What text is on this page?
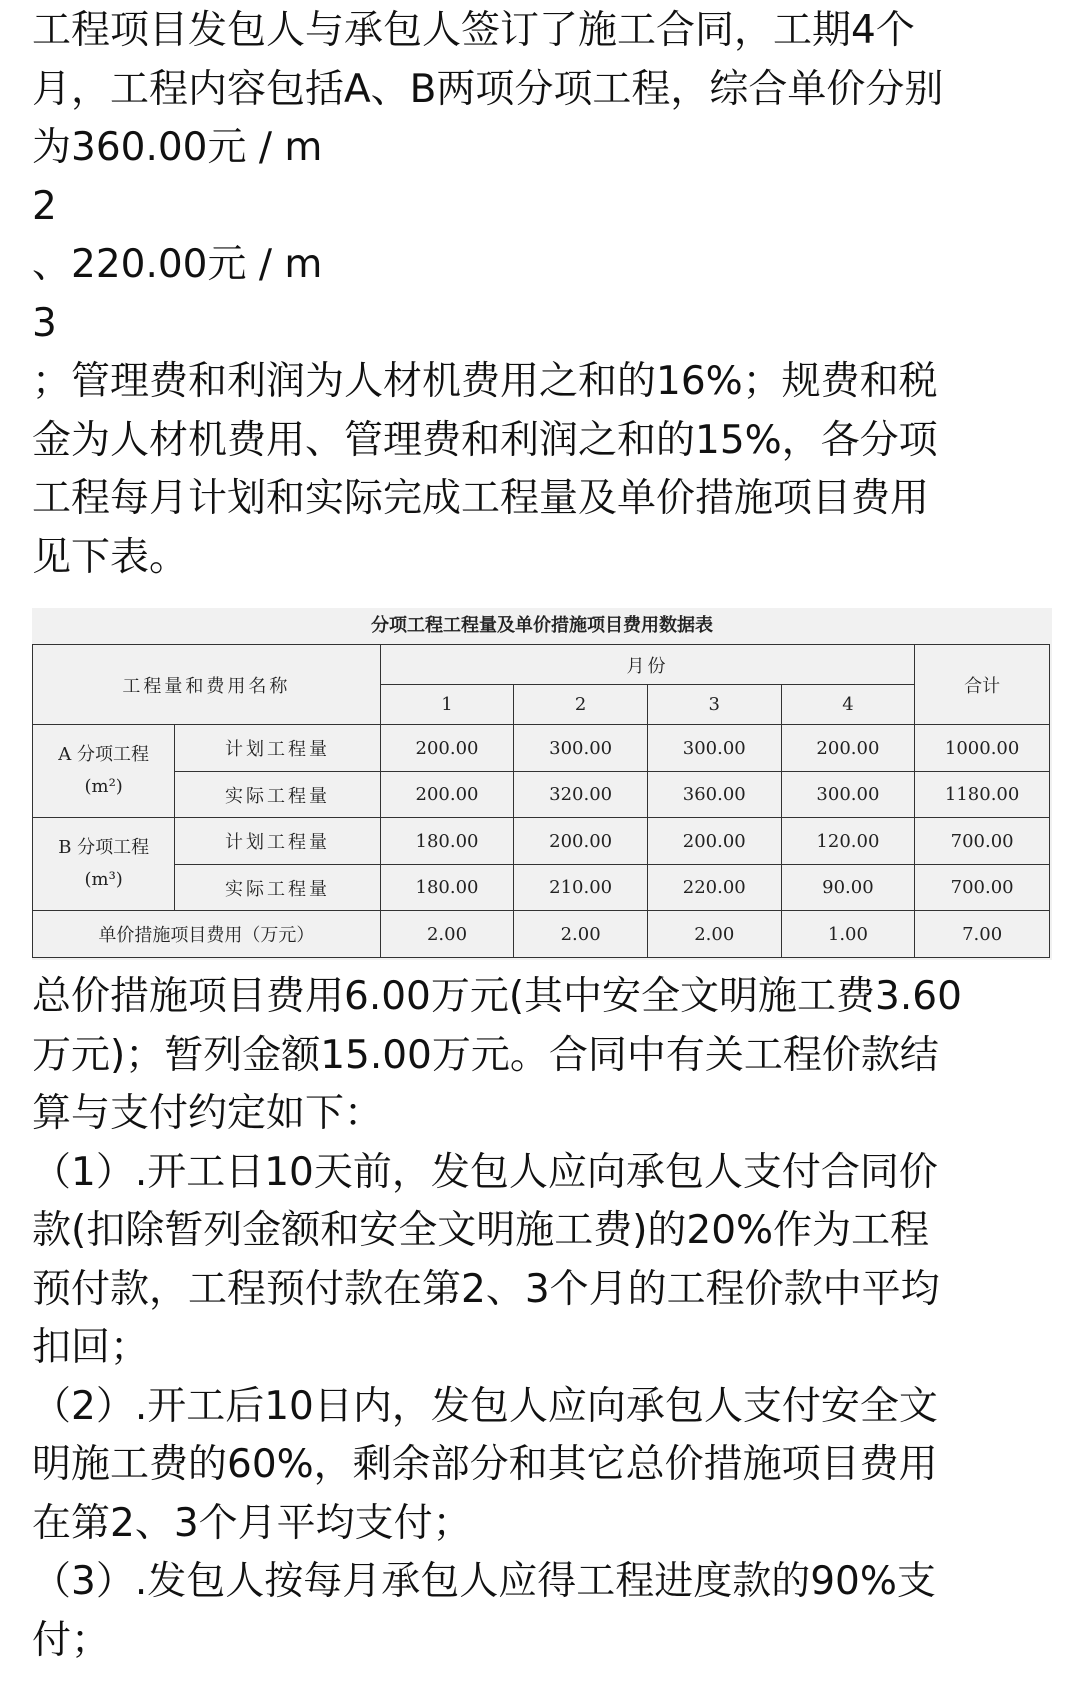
工程项目发包人与承包人签订了施工合同，工期4个
月，工程内容包括A、B两项分项工程，综合单价分别
为360.00元 / m
2
、220.00元 / m
3
；管理费和利润为人材机费用之和的16%；规费和税
金为人材机费用、管理费和利润之和的15%，各分项
工程每月计划和实际完成工程量及单价措施项目费用
见下表。
分项工程工程量及单价措施项目费用数据表
工程量和费用名称		月份				合计
		1	2	3	4	
A 分项工程
(m²)	计划工程量	200.00	300.00	300.00	200.00	1000.00
	实际工程量	200.00	320.00	360.00	300.00	1180.00
B 分项工程
(m³)	计划工程量	180.00	200.00	200.00	120.00	700.00
	实际工程量	180.00	210.00	220.00	90.00	700.00
单价措施项目费用（万元）		2.00	2.00	2.00	1.00	7.00
总价措施项目费用6.00万元(其中安全文明施工费3.60
万元)；暂列金额15.00万元。合同中有关工程价款结
算与支付约定如下：
（1）.开工日10天前，发包人应向承包人支付合同价
款(扣除暂列金额和安全文明施工费)的20%作为工程
预付款，工程预付款在第2、3个月的工程价款中平均
扣回；
（2）.开工后10日内，发包人应向承包人支付安全文
明施工费的60%，剩余部分和其它总价措施项目费用
在第2、3个月平均支付；
（3）.发包人按每月承包人应得工程进度款的90%支
付；
